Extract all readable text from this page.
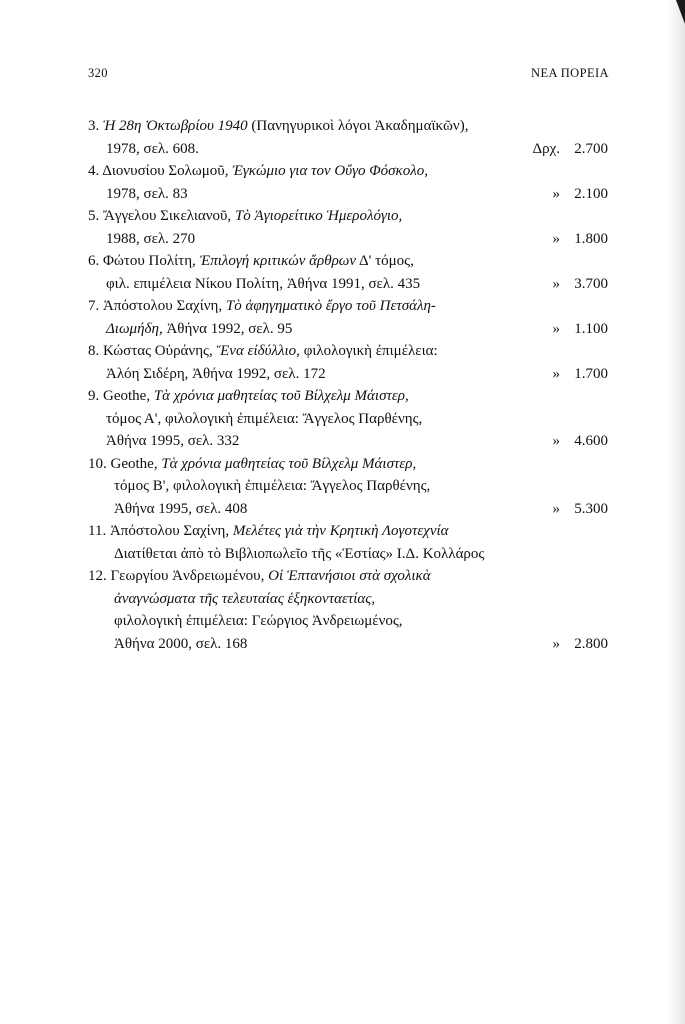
320	ΝΕΑ ΠΟΡΕΙΑ
3. Ἡ 28η Ὀκτωβρίου 1940 (Πανηγυρικοὶ λόγοι Ἀκαδημαϊκῶν),
1978, σελ. 608.	Δρχ. 2.700
4. Διονυσίου Σολωμοῦ, Ἐγκώμιο για τον Οὔγο Φόσκολο,
1978, σελ. 83	» 2.100
5. Ἄγγελου Σικελιανοῦ, Τὸ Ἁγιορείτικο Ἡμερολόγιο,
1988, σελ. 270	» 1.800
6. Φώτου Πολίτη, Ἐπιλογή κριτικών ἄρθρων Δ' τόμος,
φιλ. επιμέλεια Νίκου Πολίτη, Ἀθήνα 1991, σελ. 435	» 3.700
7. Ἀπόστολου Σαχίνη, Τὸ ἀφηγηματικὸ ἔργο τοῦ Πετσάλη-
Διωμήδη, Ἀθήνα 1992, σελ. 95	» 1.100
8. Κώστας Οὐράνης, Ἕνα εἰδύλλιο, φιλολογικὴ ἐπιμέλεια:
Ἀλόη Σιδέρη, Ἀθήνα 1992, σελ. 172	» 1.700
9. Geothe, Τὰ χρόνια μαθητείας τοῦ Βίλχελμ Μάιστερ,
τόμος Α', φιλολογικὴ ἐπιμέλεια: Ἄγγελος Παρθένης,
Ἀθήνα 1995, σελ. 332	» 4.600
10. Geothe, Τὰ χρόνια μαθητείας τοῦ Βίλχελμ Μάιστερ,
τόμος Β', φιλολογικὴ ἐπιμέλεια: Ἄγγελος Παρθένης,
Ἀθήνα 1995, σελ. 408	» 5.300
11. Ἀπόστολου Σαχίνη, Μελέτες γιὰ τὴν Κρητικὴ Λογοτεχνία
Διατίθεται ἀπὸ τὸ Βιβλιοπωλεῖο τῆς «Ἑστίας» Ι.Δ. Κολλάρος
12. Γεωργίου Ἀνδρειωμένου, Οἱ Ἑπτανήσιοι στὰ σχολικὰ
ἀναγνώσματα τῆς τελευταίας ἑξηκονταετίας,
φιλολογικὴ ἐπιμέλεια: Γεώργιος Ἀνδρειωμένος,
Ἀθήνα 2000, σελ. 168	» 2.800
